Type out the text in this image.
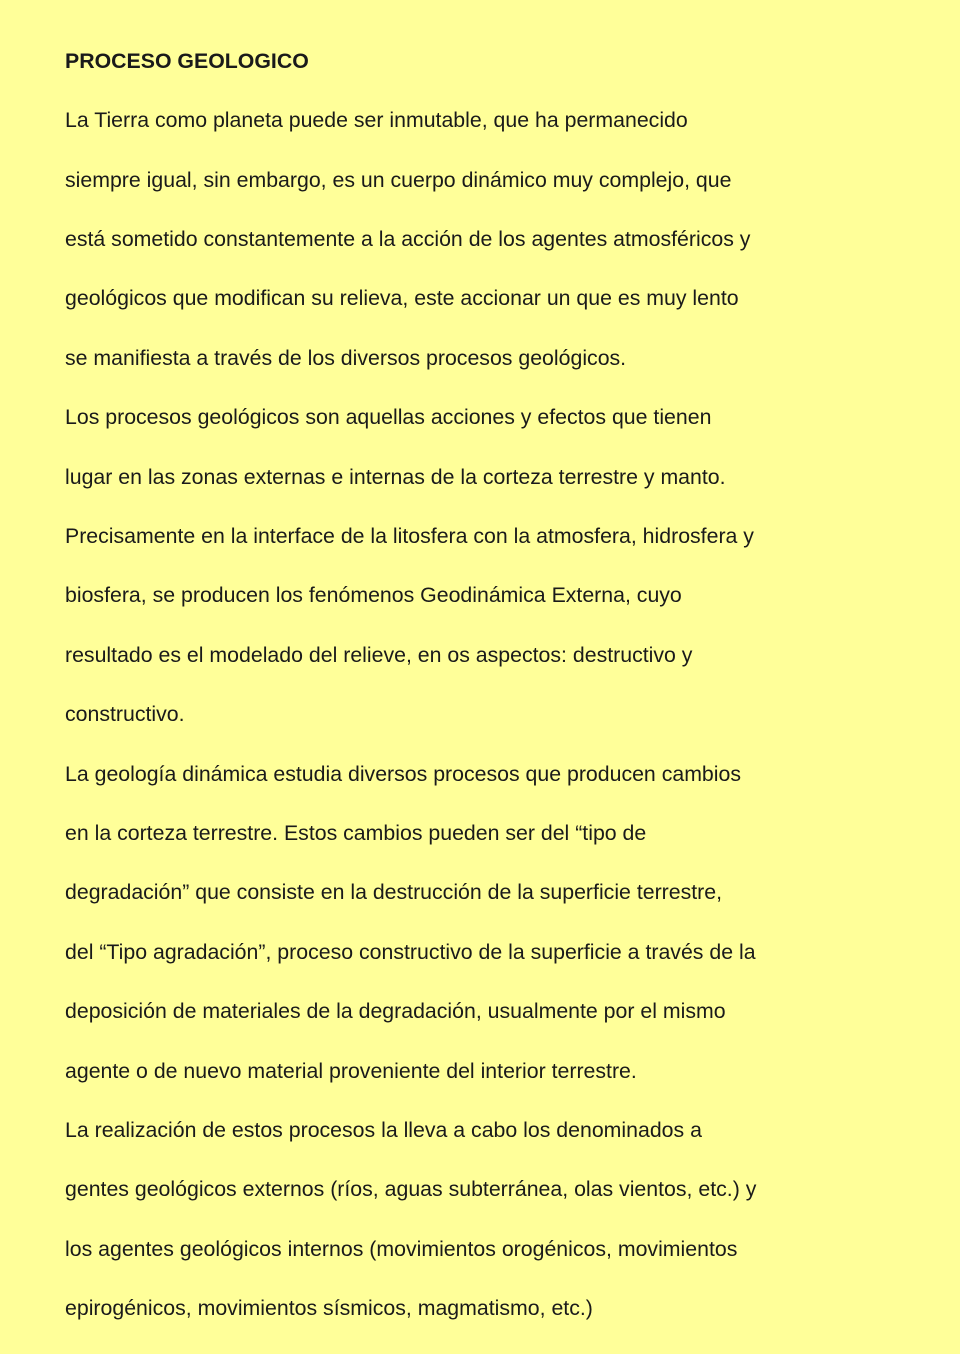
PROCESO GEOLOGICO

La Tierra como planeta puede ser inmutable, que ha permanecido

siempre igual, sin embargo, es un cuerpo dinámico muy complejo, que

está sometido constantemente a la acción de los agentes atmosféricos y

geológicos que modifican su relieva, este accionar un que es muy lento

se manifiesta a través de los diversos procesos geológicos.

Los procesos geológicos son aquellas acciones y efectos que tienen

lugar en las zonas externas e internas de la corteza terrestre y manto.

Precisamente en la interface de la litosfera con la atmosfera, hidrosfera y

biosfera, se producen los fenómenos Geodinámica Externa, cuyo

resultado es el modelado del relieve, en os aspectos: destructivo y

constructivo.

La geología dinámica estudia diversos procesos que producen cambios

en la corteza terrestre. Estos cambios pueden ser del “tipo de

degradación” que consiste en la destrucción de la superficie terrestre,

del “Tipo agradación”, proceso constructivo de la superficie a través de la

deposición de materiales de la degradación, usualmente por el mismo

agente o de nuevo material proveniente del interior terrestre.

La realización de estos procesos la lleva a cabo los denominados a

gentes geológicos externos (ríos, aguas subterránea, olas vientos, etc.) y

los agentes geológicos internos (movimientos orogénicos, movimientos

epirogénicos, movimientos sísmicos, magmatismo, etc.)
